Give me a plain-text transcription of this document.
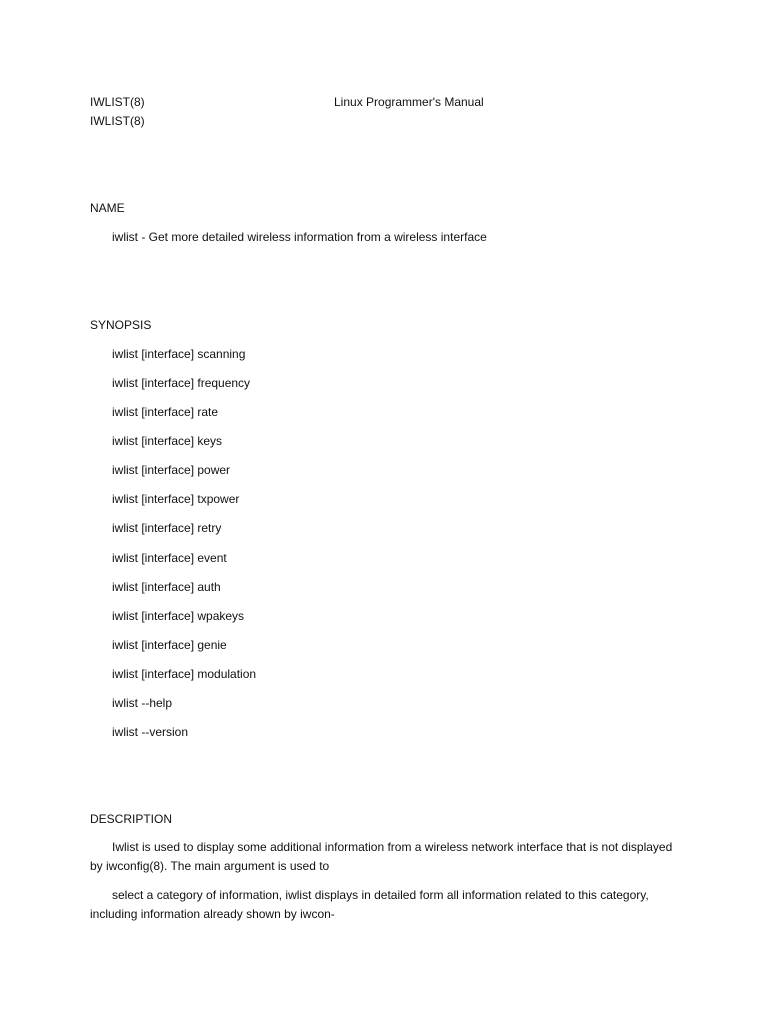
IWLIST(8)	Linux Programmer's Manual
IWLIST(8)
NAME
iwlist - Get more detailed wireless information from a wireless interface
SYNOPSIS
iwlist [interface] scanning
iwlist [interface] frequency
iwlist [interface] rate
iwlist [interface] keys
iwlist [interface] power
iwlist [interface] txpower
iwlist [interface] retry
iwlist [interface] event
iwlist [interface] auth
iwlist [interface] wpakeys
iwlist [interface] genie
iwlist [interface] modulation
iwlist --help
iwlist --version
DESCRIPTION
Iwlist is used to display some additional information from a wireless network interface that is not displayed by iwconfig(8). The main argument is used to
select a category of information, iwlist displays in detailed form all information related to this category, including information already shown by iwcon-
